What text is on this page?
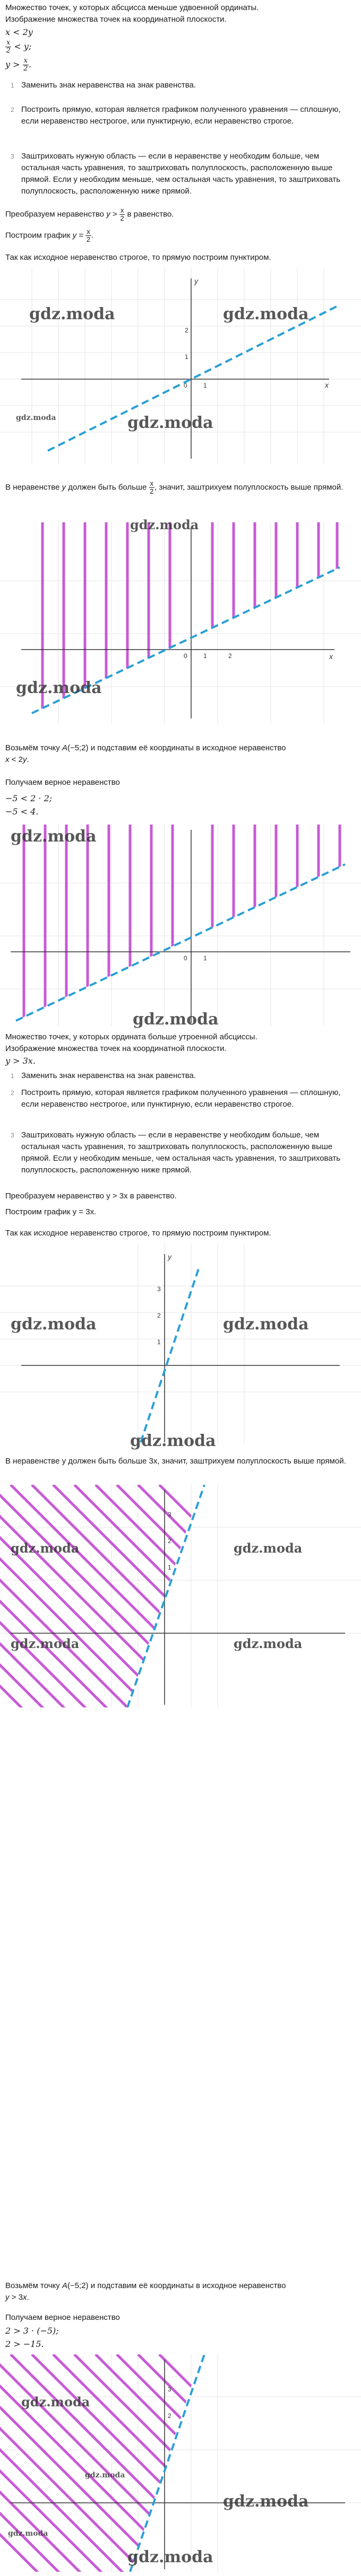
Множество точек, у которых абсцисса меньше удвоенной ординаты.
Изображение множества точек на координатной плоскости.
x < 2y
$\frac{x}{2} < y$;
$y > \frac{x}{2}$ .
1 Заменить знак неравенства на знак равенства.
2 Построить прямую, которая является графиком полученного уравнения — сплошную, если неравенство нестрогое, или пунктирную, если неравенство строгое.
3 Заштриховать нужную область — если в неравенстве y необходим больше, чем остальная часть уравнения, то заштриховать полуплоскость, расположенную выше прямой. Если y необходим меньше, чем остальная часть уравнения, то заштриховать полуплоскость, расположенную ниже прямой.
Преобразуем неравенство $y > \frac{x}{2}$ в равенство.
Построим график $y = \frac{x}{2}$ .
Так как исходное неравенство строгое, то прямую построим пунктиром.
x
y
0	1
1
2
gdz.moda	gdz.moda
gdz.moda	gdz.moda
В неравенстве y должен быть больше $\frac{x}{2}$ , значит, заштрихуем полуплоскость выше прямой.
x
0	1	2
gdz.moda
gdz.moda
Возьмём точку A(−5;2) и подставим её координаты в исходное неравенство
x < 2y.
Получаем верное неравенство
−5 < 2 · 2;
−5 < 4.
0	1
gdz.moda
gdz.moda
Множество точек, у которых ордината больше утроенной абсциссы.
Изображение множества точек на координатной плоскости.
y > 3x.
1 Заменить знак неравенства на знак равенства.
2 Построить прямую, которая является графиком полученного уравнения — сплошную, если неравенство нестрогое, или пунктирную, если неравенство строгое.
3 Заштриховать нужную область — если в неравенстве y необходим больше, чем остальная часть уравнения, то заштриховать полуплоскость, расположенную выше прямой. Если y необходим меньше, чем остальная часть уравнения, то заштриховать полуплоскость, расположенную ниже прямой.
Преобразуем неравенство y > 3x в равенство.
Построим график y = 3x.
Так как исходное неравенство строгое, то прямую построим пунктиром.
y
3
2
1
gdz.moda	gdz.moda
gdz.moda
В неравенстве y должен быть больше 3x, значит, заштрихуем полуплоскость выше прямой.
3
2
1
gdz.moda	gdz.moda
gdz.moda	gdz.moda
Возьмём точку A(−5;2) и подставим её координаты в исходное неравенство
y > 3x.
Получаем верное неравенство
2 > 3 · (−5);
2 > −15.
3
2
gdz.moda
gdz.moda
gdz.moda
gdz.moda
gdz.moda
